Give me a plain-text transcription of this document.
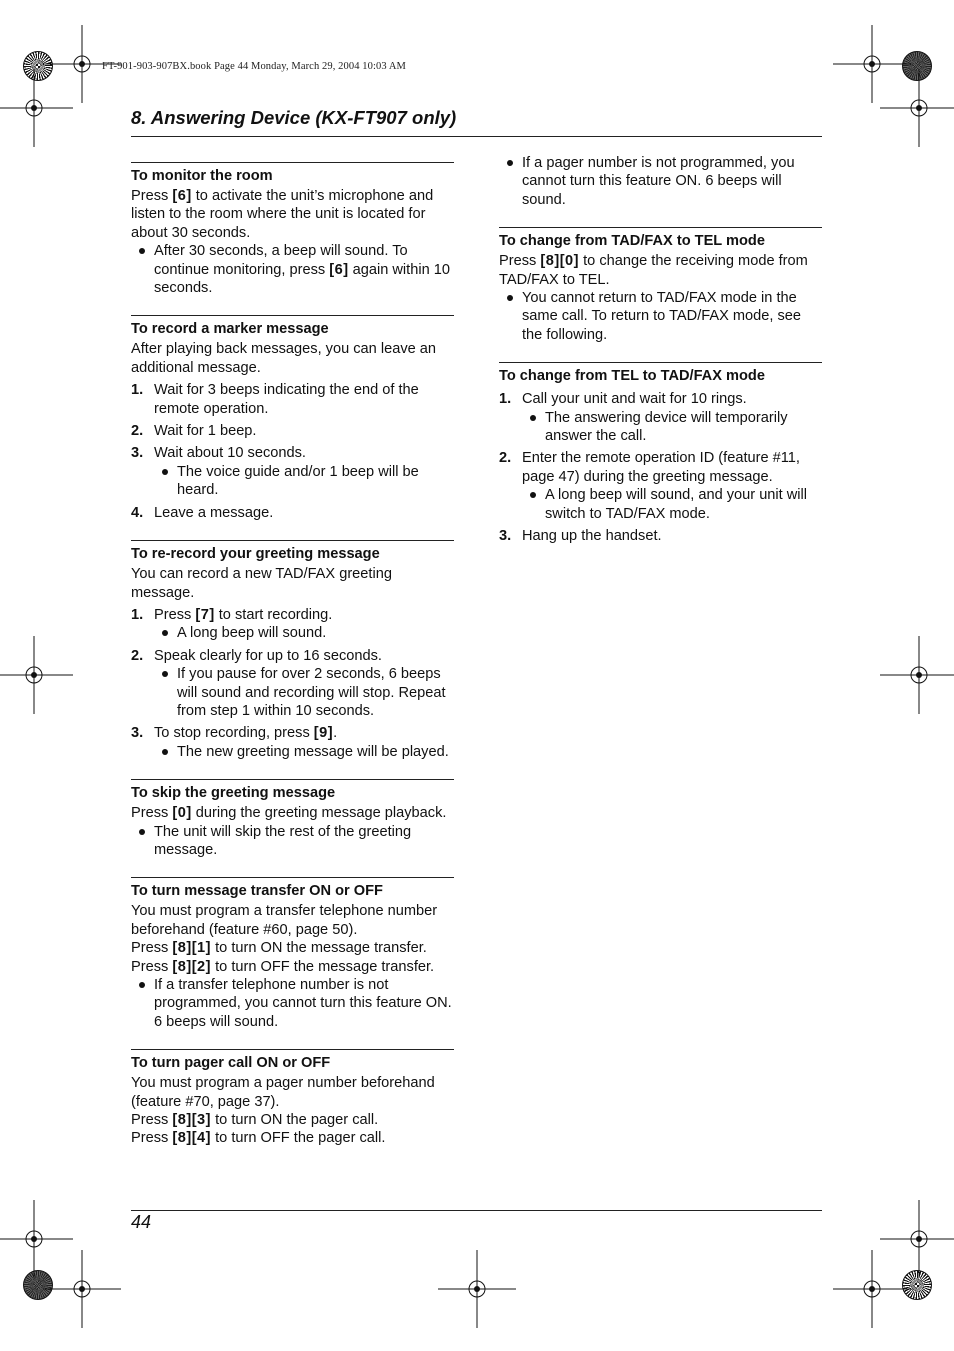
FT-901-903-907BX.book Page 44 Monday, March 29, 2004 10:03 AM
8. Answering Device (KX-FT907 only)
To monitor the room

Press [6] to activate the unit’s microphone and listen to the room where the unit is located for about 30 seconds.

After 30 seconds, a beep will sound. To continue monitoring, press [6] again within 10 seconds.
To record a marker message

After playing back messages, you can leave an additional message.

1. Wait for 3 beeps indicating the end of the remote operation.
2. Wait for 1 beep.
3. Wait about 10 seconds.
The voice guide and/or 1 beep will be heard.
4. Leave a message.
To re-record your greeting message

You can record a new TAD/FAX greeting message.

1. Press [7] to start recording.
A long beep will sound.
2. Speak clearly for up to 16 seconds.
If you pause for over 2 seconds, 6 beeps will sound and recording will stop. Repeat from step 1 within 10 seconds.
3. To stop recording, press [9].
The new greeting message will be played.
To skip the greeting message

Press [0] during the greeting message playback.

The unit will skip the rest of the greeting message.
To turn message transfer ON or OFF

You must program a transfer telephone number beforehand (feature #60, page 50).

Press [8][1] to turn ON the message transfer.

Press [8][2] to turn OFF the message transfer.

If a transfer telephone number is not programmed, you cannot turn this feature ON. 6 beeps will sound.
To turn pager call ON or OFF

You must program a pager number beforehand (feature #70, page 37).

Press [8][3] to turn ON the pager call.

Press [8][4] to turn OFF the pager call.

If a pager number is not programmed, you cannot turn this feature ON. 6 beeps will sound.
To change from TAD/FAX to TEL mode

Press [8][0] to change the receiving mode from TAD/FAX to TEL.

You cannot return to TAD/FAX mode in the same call. To return to TAD/FAX mode, see the following.
To change from TEL to TAD/FAX mode
1. Call your unit and wait for 10 rings.
The answering device will temporarily answer the call.
2. Enter the remote operation ID (feature #11, page 47) during the greeting message.
A long beep will sound, and your unit will switch to TAD/FAX mode.
3. Hang up the handset.
44
